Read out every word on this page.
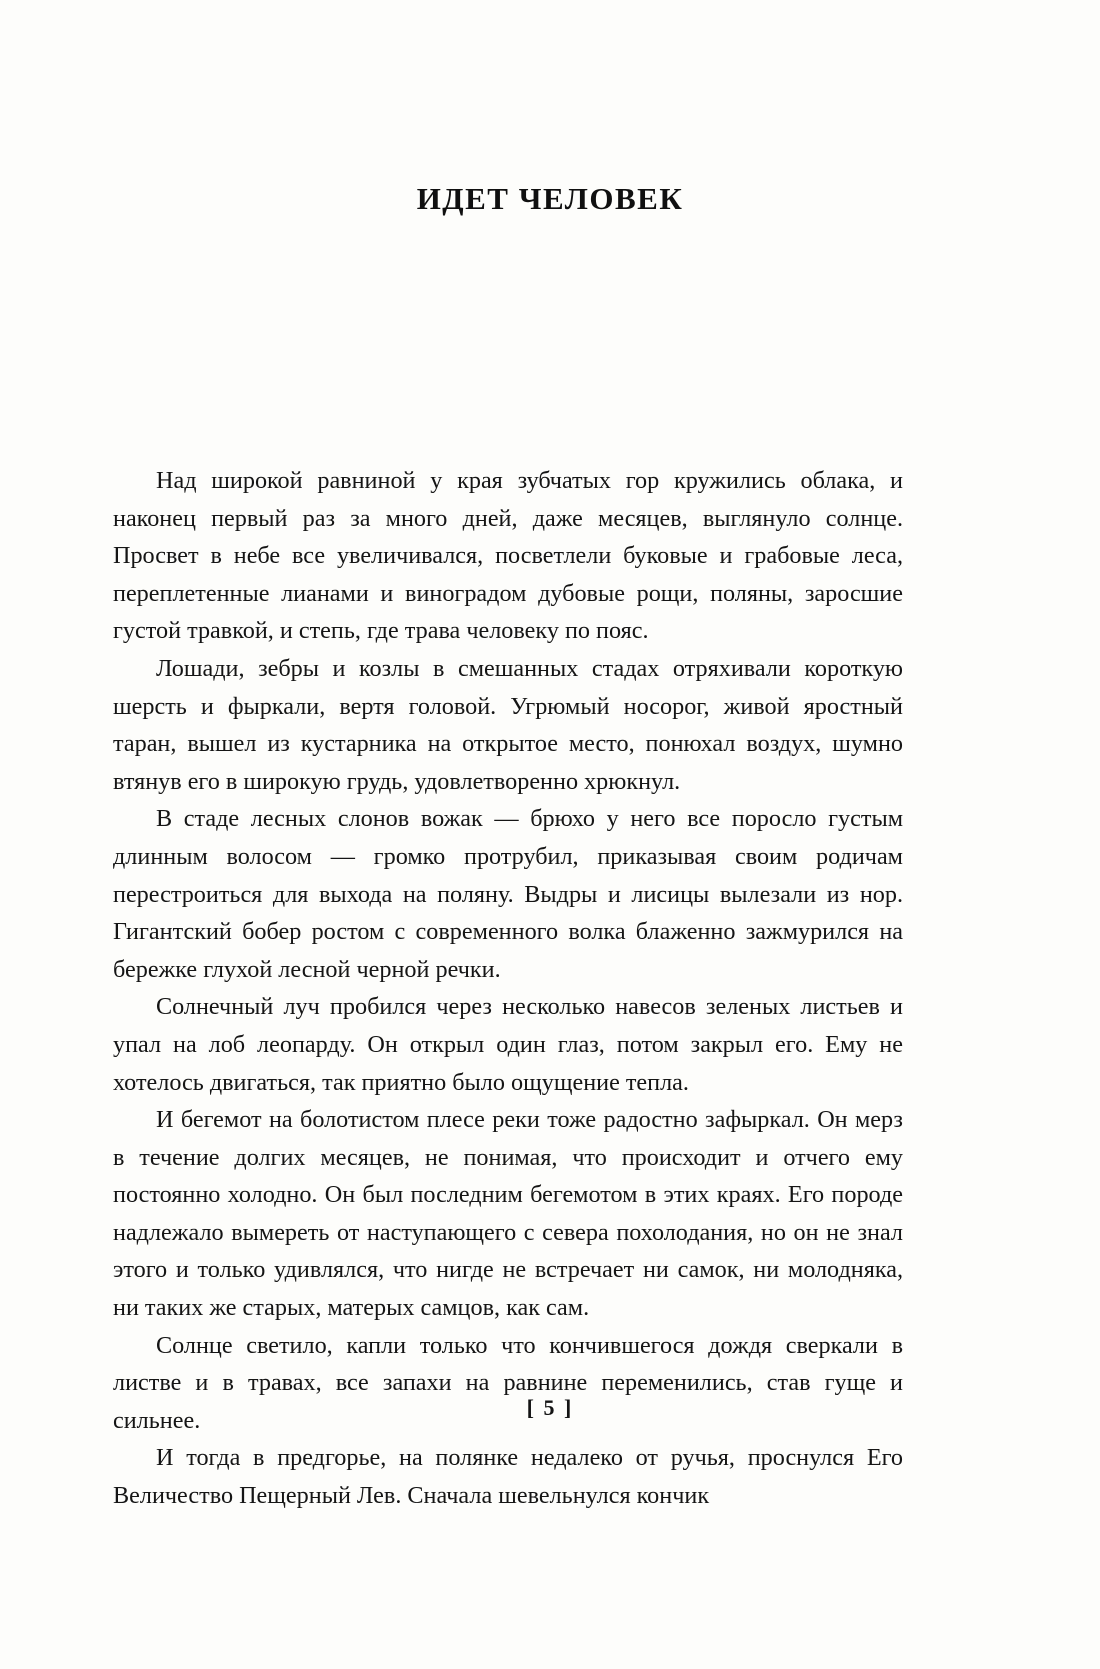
ИДЕТ ЧЕЛОВЕК

Над широкой равниной у края зубчатых гор кружились облака, и наконец первый раз за много дней, даже месяцев, выглянуло солнце. Просвет в небе все увеличивался, посветлели буковые и грабовые леса, переплетенные лианами и виноградом дубовые рощи, поляны, заросшие густой травкой, и степь, где трава человеку по пояс.

Лошади, зебры и козлы в смешанных стадах отряхивали короткую шерсть и фыркали, вертя головой. Угрюмый носорог, живой яростный таран, вышел из кустарника на открытое место, понюхал воздух, шумно втянув его в широкую грудь, удовлетворенно хрюкнул.

В стаде лесных слонов вожак — брюхо у него все поросло густым длинным волосом — громко протрубил, приказывая своим родичам перестроиться для выхода на поляну. Выдры и лисицы вылезали из нор. Гигантский бобер ростом с современного волка блаженно зажмурился на бережке глухой лесной черной речки.

Солнечный луч пробился через несколько навесов зеленых листьев и упал на лоб леопарду. Он открыл один глаз, потом закрыл его. Ему не хотелось двигаться, так приятно было ощущение тепла.

И бегемот на болотистом плесе реки тоже радостно зафыркал. Он мерз в течение долгих месяцев, не понимая, что происходит и отчего ему постоянно холодно. Он был последним бегемотом в этих краях. Его породе надлежало вымереть от наступающего с севера похолодания, но он не знал этого и только удивлялся, что нигде не встречает ни самок, ни молодняка, ни таких же старых, матерых самцов, как сам.

Солнце светило, капли только что кончившегося дождя сверкали в листве и в травах, все запахи на равнине переменились, став гуще и сильнее.

И тогда в предгорье, на полянке недалеко от ручья, проснулся Его Величество Пещерный Лев. Сначала шевельнулся кончик

[ 5 ]
